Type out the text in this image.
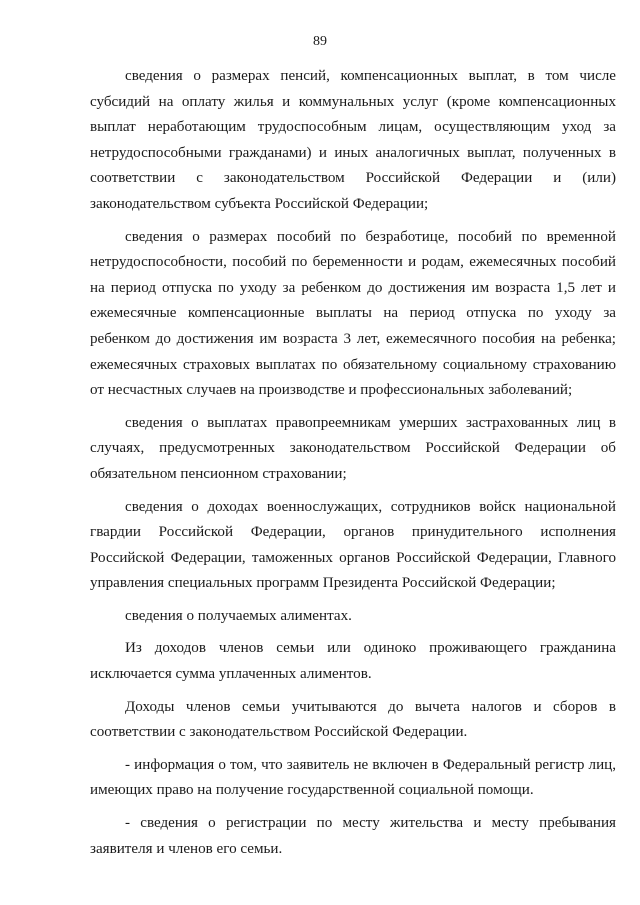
89

сведения о размерах пенсий, компенсационных выплат, в том числе субсидий на оплату жилья и коммунальных услуг (кроме компенсационных выплат неработающим трудоспособным лицам, осуществляющим уход за нетрудоспособными гражданами) и иных аналогичных выплат, полученных в соответствии с законодательством Российской Федерации и (или) законодательством субъекта Российской Федерации;

сведения о размерах пособий по безработице, пособий по временной нетрудоспособности, пособий по беременности и родам, ежемесячных пособий на период отпуска по уходу за ребенком до достижения им возраста 1,5 лет и ежемесячные компенсационные выплаты на период отпуска по уходу за ребенком до достижения им возраста 3 лет, ежемесячного пособия на ребенка; ежемесячных страховых выплатах по обязательному социальному страхованию от несчастных случаев на производстве и профессиональных заболеваний;

сведения о выплатах правопреемникам умерших застрахованных лиц в случаях, предусмотренных законодательством Российской Федерации об обязательном пенсионном страховании;

сведения о доходах военнослужащих, сотрудников войск национальной гвардии Российской Федерации, органов принудительного исполнения Российской Федерации, таможенных органов Российской Федерации, Главного управления специальных программ Президента Российской Федерации;

сведения о получаемых алиментах.

Из доходов членов семьи или одиноко проживающего гражданина исключается сумма уплаченных алиментов.

Доходы членов семьи учитываются до вычета налогов и сборов в соответствии с законодательством Российской Федерации.

- информация о том, что заявитель не включен в Федеральный регистр лиц, имеющих право на получение государственной социальной помощи.

- сведения о регистрации по месту жительства и месту пребывания заявителя и членов его семьи.
